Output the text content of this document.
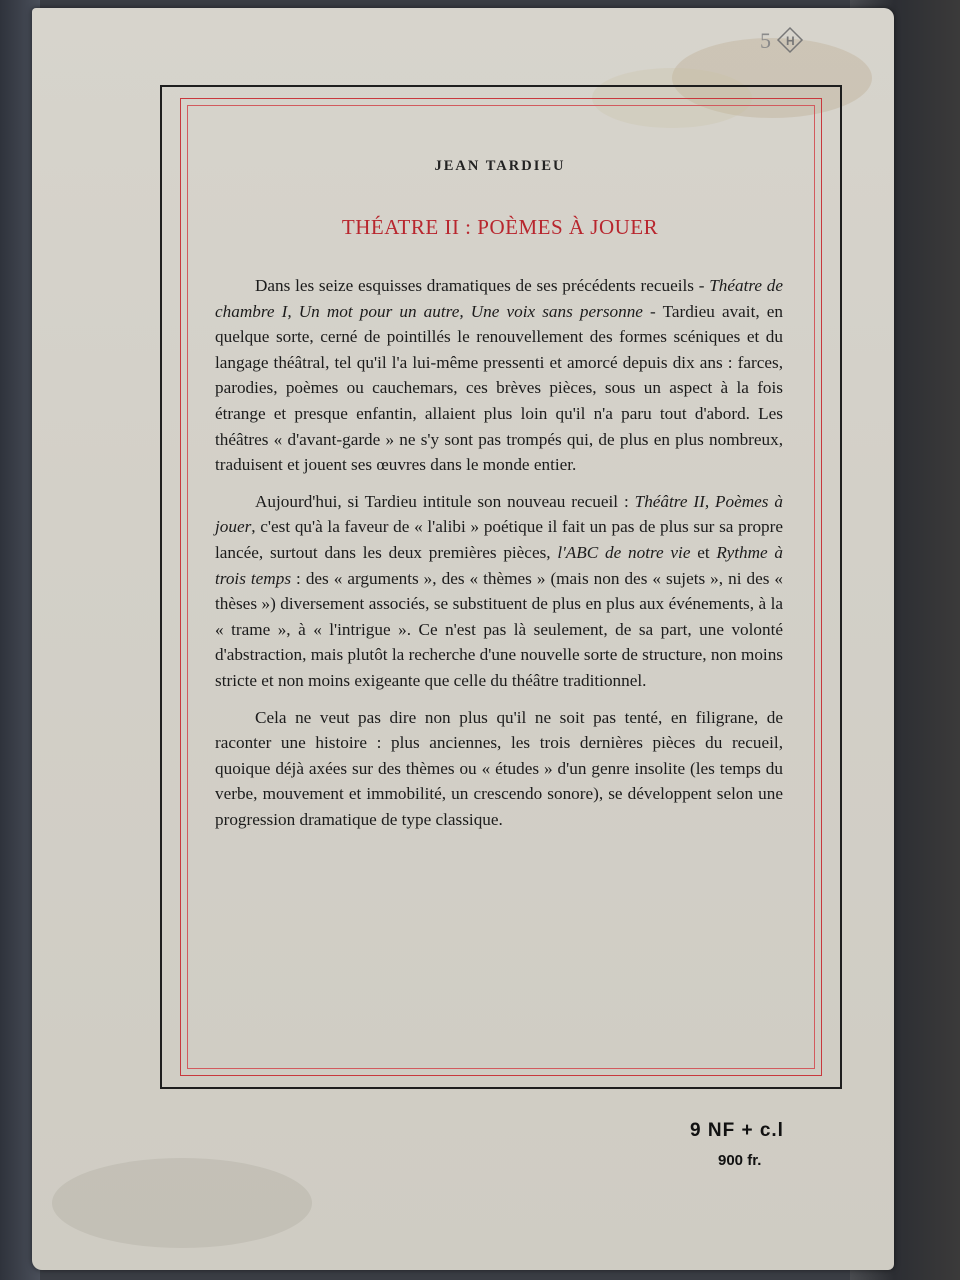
5 H
JEAN TARDIEU
THÉATRE II : POÈMES À JOUER

Dans les seize esquisses dramatiques de ses précédents recueils - Théatre de chambre I, Un mot pour un autre, Une voix sans personne - Tardieu avait, en quelque sorte, cerné de pointillés le renouvellement des formes scéniques et du langage théâtral, tel qu'il l'a lui-même pressenti et amorcé depuis dix ans : farces, parodies, poèmes ou cauchemars, ces brèves pièces, sous un aspect à la fois étrange et presque enfantin, allaient plus loin qu'il n'a paru tout d'abord. Les théâtres « d'avant-garde » ne s'y sont pas trompés qui, de plus en plus nombreux, traduisent et jouent ses œuvres dans le monde entier.

Aujourd'hui, si Tardieu intitule son nouveau recueil : Théâtre II, Poèmes à jouer, c'est qu'à la faveur de « l'alibi » poétique il fait un pas de plus sur sa propre lancée, surtout dans les deux premières pièces, l'ABC de notre vie et Rythme à trois temps : des « arguments », des « thèmes » (mais non des « sujets », ni des « thèses ») diversement associés, se substituent de plus en plus aux événements, à la « trame », à « l'intrigue ». Ce n'est pas là seulement, de sa part, une volonté d'abstraction, mais plutôt la recherche d'une nouvelle sorte de structure, non moins stricte et non moins exigeante que celle du théâtre traditionnel.

Cela ne veut pas dire non plus qu'il ne soit pas tenté, en filigrane, de raconter une histoire : plus anciennes, les trois dernières pièces du recueil, quoique déjà axées sur des thèmes ou « études » d'un genre insolite (les temps du verbe, mouvement et immobilité, un crescendo sonore), se développent selon une progression dramatique de type classique.

9 NF + c.l
900 fr.
